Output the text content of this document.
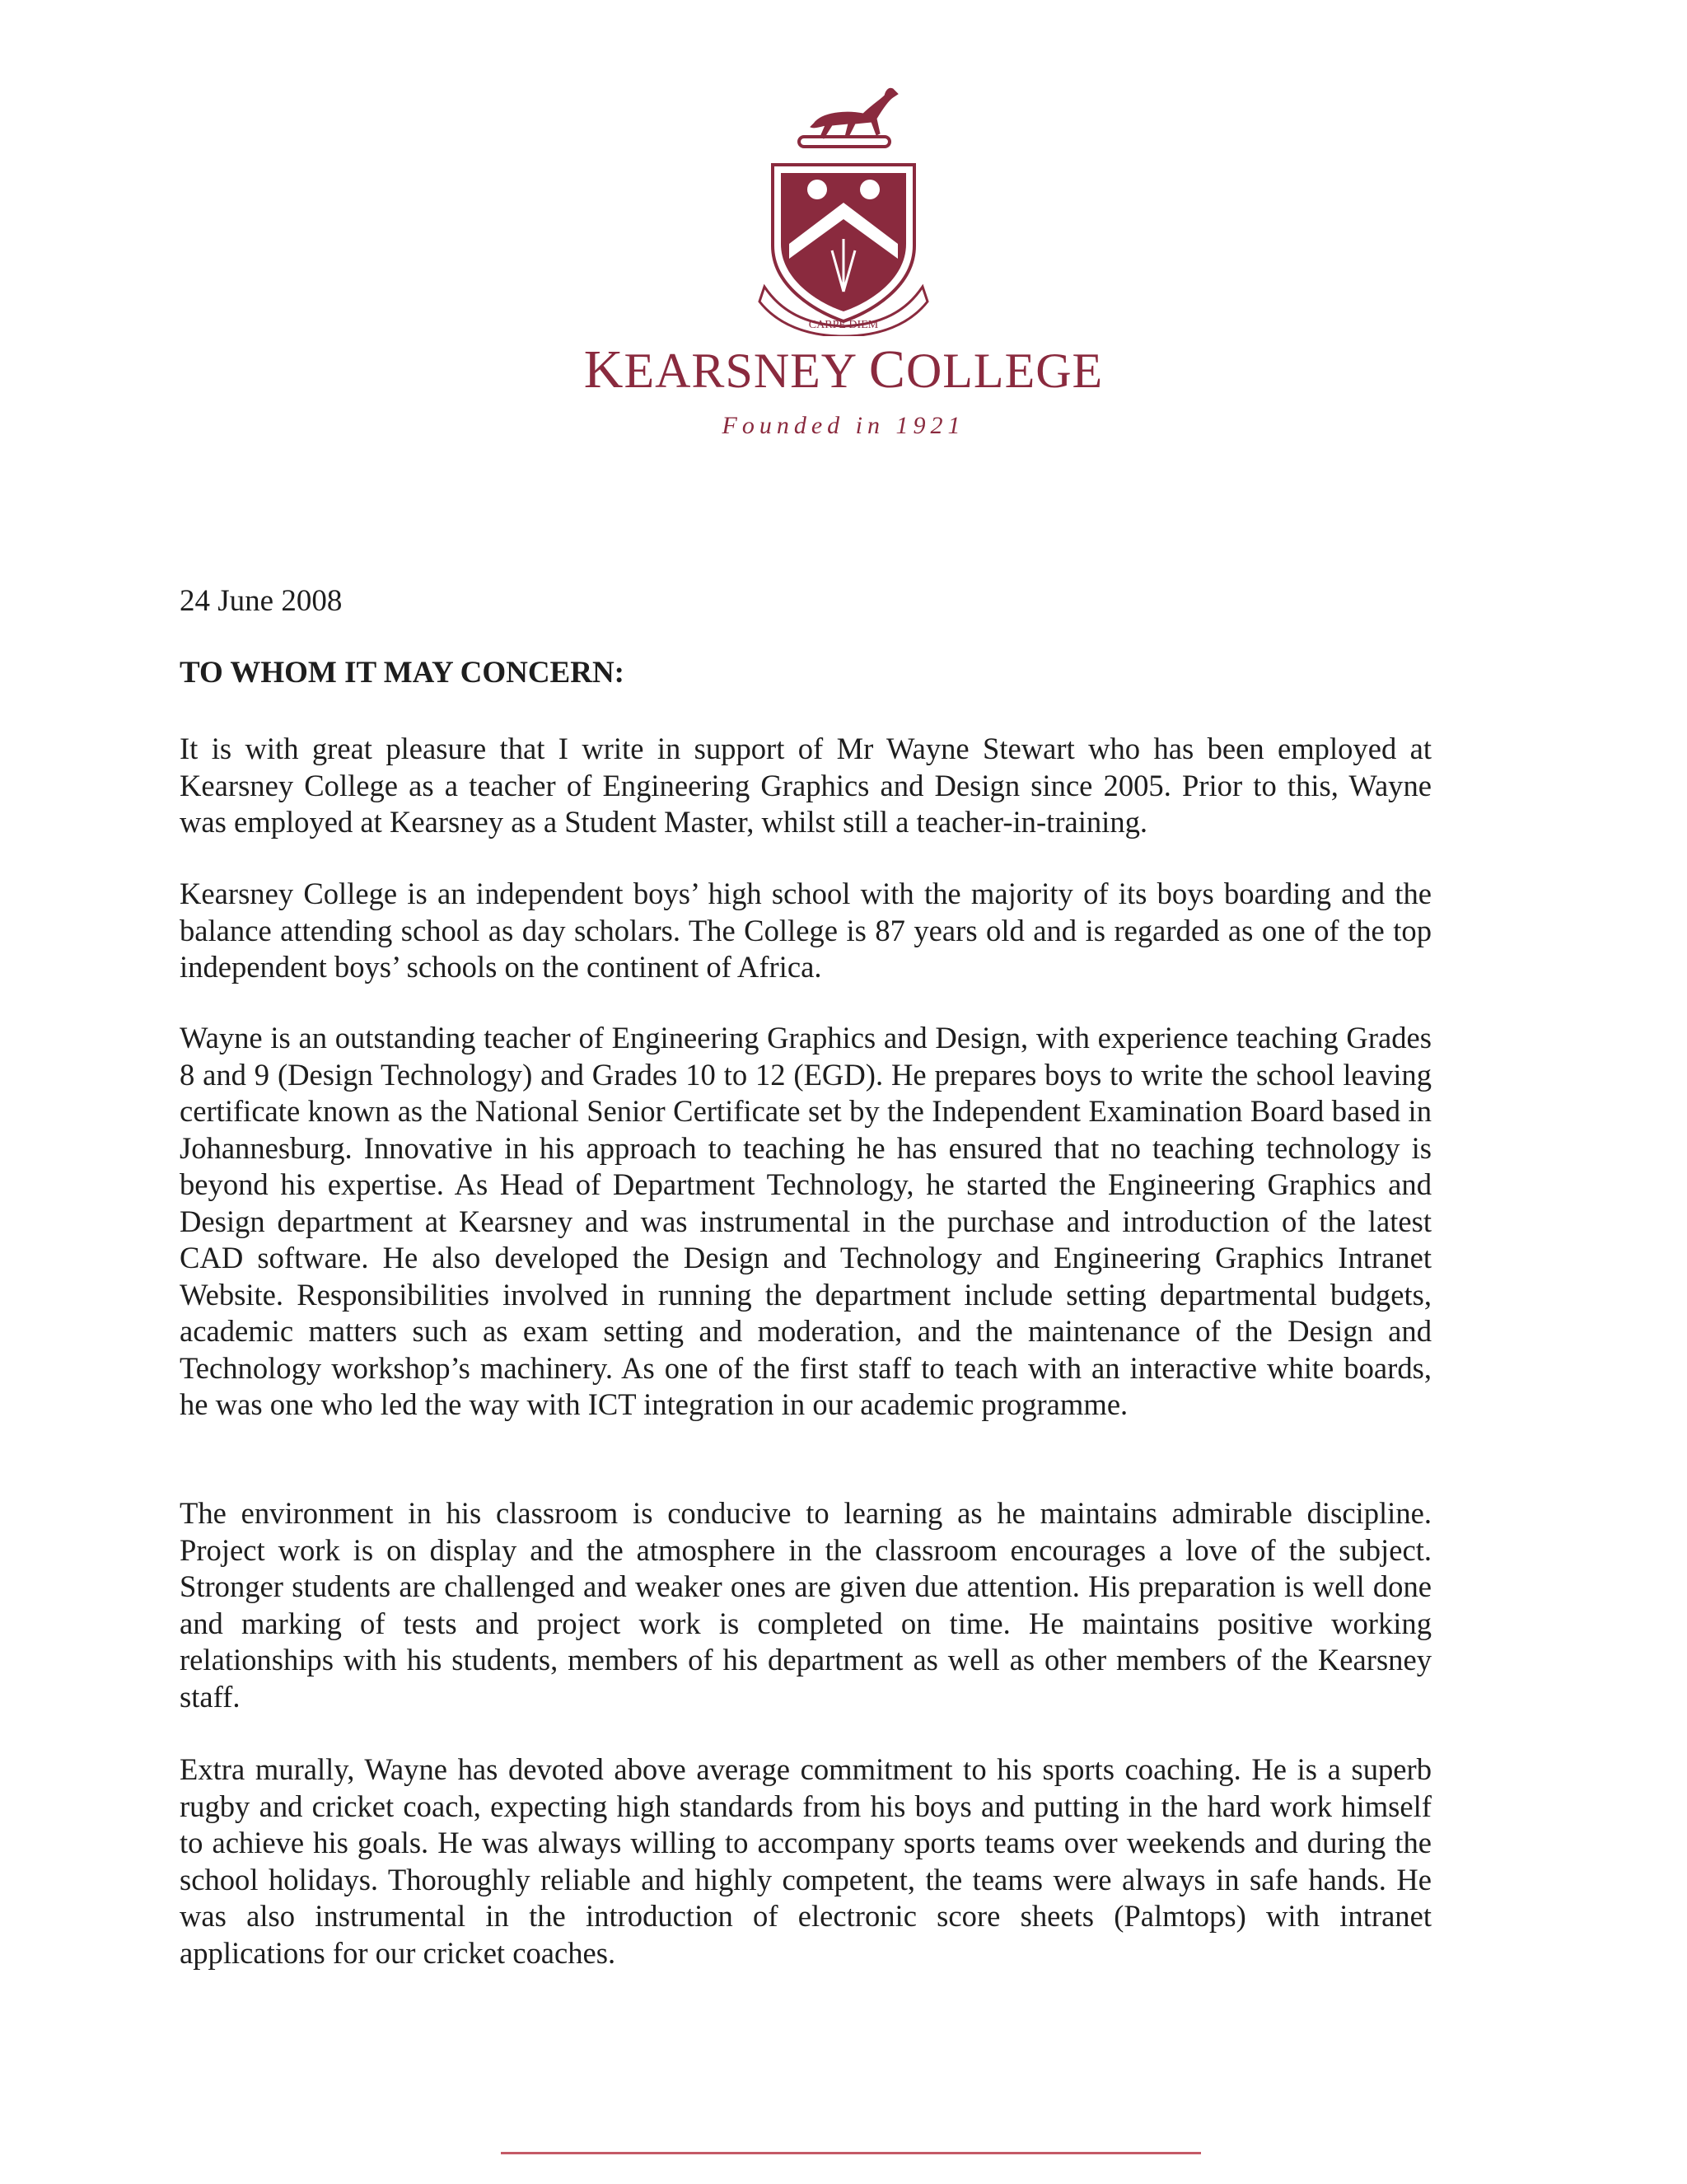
CARPE DIEM
KEARSNEY COLLEGE
Founded in 1921
24 June 2008
TO WHOM IT MAY CONCERN:
It is with great pleasure that I write in support of Mr Wayne Stewart who has been employed at Kearsney College as a teacher of Engineering Graphics and Design since 2005. Prior to this, Wayne was employed at Kearsney as a Student Master, whilst still a teacher-in-training.
Kearsney College is an independent boys’ high school with the majority of its boys boarding and the balance attending school as day scholars. The College is 87 years old and is regarded as one of the top independent boys’ schools on the continent of Africa.
Wayne is an outstanding teacher of Engineering Graphics and Design, with experience teaching Grades 8 and 9 (Design Technology) and Grades 10 to 12 (EGD). He prepares boys to write the school leaving certificate known as the National Senior Certificate set by the Independent Examination Board based in Johannesburg. Innovative in his approach to teaching he has ensured that no teaching technology is beyond his expertise. As Head of Department Technology, he started the Engineering Graphics and Design department at Kearsney and was instrumental in the purchase and introduction of the latest CAD software. He also developed the Design and Technology and Engineering Graphics Intranet Website. Responsibilities involved in running the department include setting departmental budgets, academic matters such as exam setting and moderation, and the maintenance of the Design and Technology workshop’s machinery. As one of the first staff to teach with an interactive white boards, he was one who led the way with ICT integration in our academic programme.
The environment in his classroom is conducive to learning as he maintains admirable discipline. Project work is on display and the atmosphere in the classroom encourages a love of the subject. Stronger students are challenged and weaker ones are given due attention. His preparation is well done and marking of tests and project work is completed on time. He maintains positive working relationships with his students, members of his department as well as other members of the Kearsney staff.
Extra murally, Wayne has devoted above average commitment to his sports coaching. He is a superb rugby and cricket coach, expecting high standards from his boys and putting in the hard work himself to achieve his goals. He was always willing to accompany sports teams over weekends and during the school holidays. Thoroughly reliable and highly competent, the teams were always in safe hands. He was also instrumental in the introduction of electronic score sheets (Palmtops) with intranet applications for our cricket coaches.
